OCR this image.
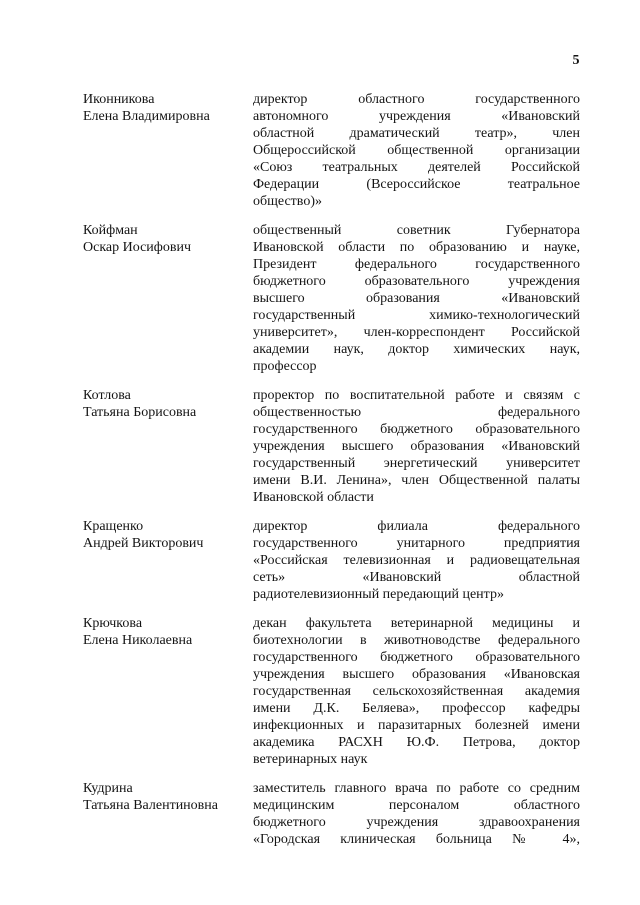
5
Иконникова
Елена Владимировна
директор областного государственного
автономного учреждения «Ивановский
областной драматический театр», член
Общероссийской общественной организации
«Союз театральных деятелей Российской
Федерации (Всероссийское театральное
общество)»
Койфман
Оскар Иосифович
общественный советник Губернатора
Ивановской области по образованию и науке,
Президент федерального государственного
бюджетного образовательного учреждения
высшего образования «Ивановский
государственный химико-технологический
университет», член-корреспондент Российской
академии наук, доктор химических наук,
профессор
Котлова
Татьяна Борисовна
проректор по воспитательной работе и связям с
общественностью федерального
государственного бюджетного образовательного
учреждения высшего образования «Ивановский
государственный энергетический университет
имени В.И. Ленина», член Общественной палаты
Ивановской области
Кращенко
Андрей Викторович
директор филиала федерального
государственного унитарного предприятия
«Российская телевизионная и радиовещательная
сеть» «Ивановский областной
радиотелевизионный передающий центр»
Крючкова
Елена Николаевна
декан факультета ветеринарной медицины и
биотехнологии в животноводстве федерального
государственного бюджетного образовательного
учреждения высшего образования «Ивановская
государственная сельскохозяйственная академия
имени Д.К. Беляева», профессор кафедры
инфекционных и паразитарных болезней имени
академика РАСХН Ю.Ф. Петрова, доктор
ветеринарных наук
Кудрина
Татьяна Валентиновна
заместитель главного врача по работе со средним
медицинским персоналом областного
бюджетного учреждения здравоохранения
«Городская клиническая больница № 4»,
